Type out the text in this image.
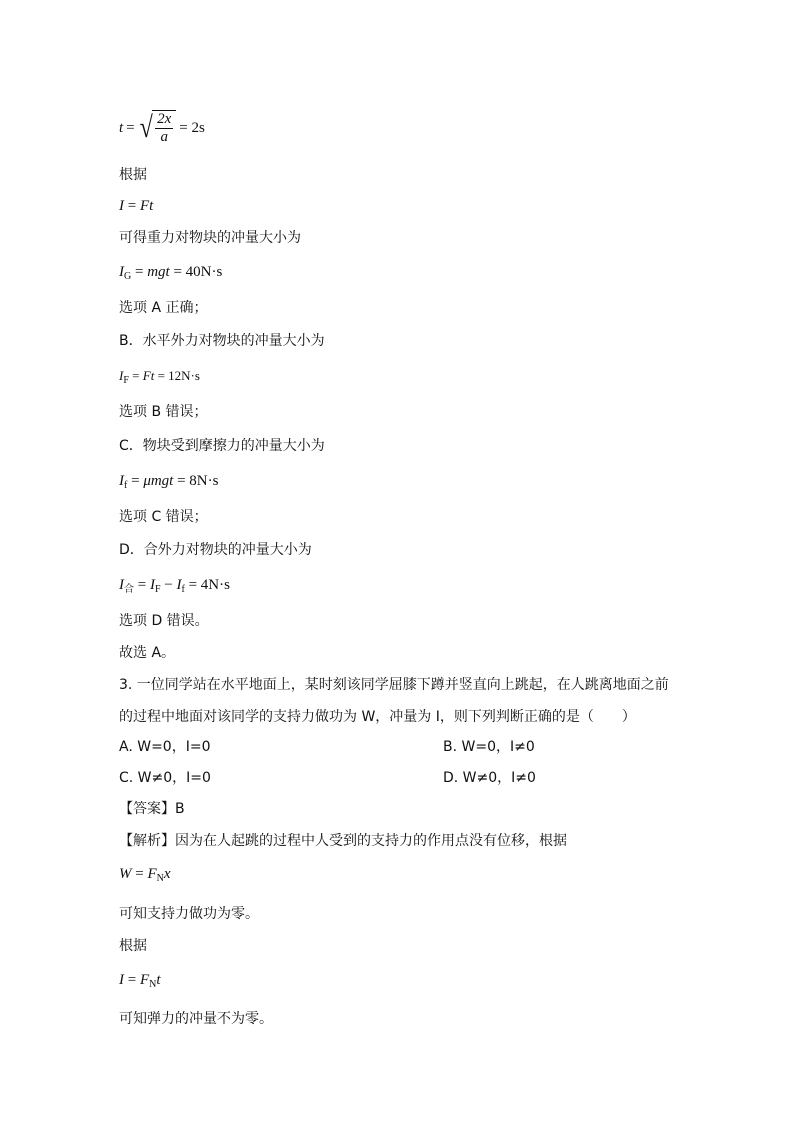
t = √ $\frac{2x}{a} = 2s$
根据
I = Ft
可得重力对物块的冲量大小为
$I_G$ = mgt = 40N·s
选项 A 正确；
B．水平外力对物块的冲量大小为
$I_F = Ft = 12N\cdot s$
选项 B 错误；
C．物块受到摩擦力的冲量大小为
$I_f = \mu mgt = 8N\cdot s$
选项 C 错误；
D．合外力对物块的冲量大小为
$I_合 = I_F - I_f = 4N\cdot s$
选项 D 错误。
故选 A。
3. 一位同学站在水平地面上，某时刻该同学屈膝下蹲并竖直向上跳起，在人跳离地面之前
的过程中地面对该同学的支持力做功为 W，冲量为 I，则下列判断正确的是（　　）
A. W=0，I=0	B. W=0，I≠0
C. W≠0，I=0	D. W≠0，I≠0
【答案】B
【解析】因为在人起跳的过程中人受到的支持力的作用点没有位移，根据
$W = F_Nx$
可知支持力做功为零。
根据
$I = F_Nt$
可知弹力的冲量不为零。
